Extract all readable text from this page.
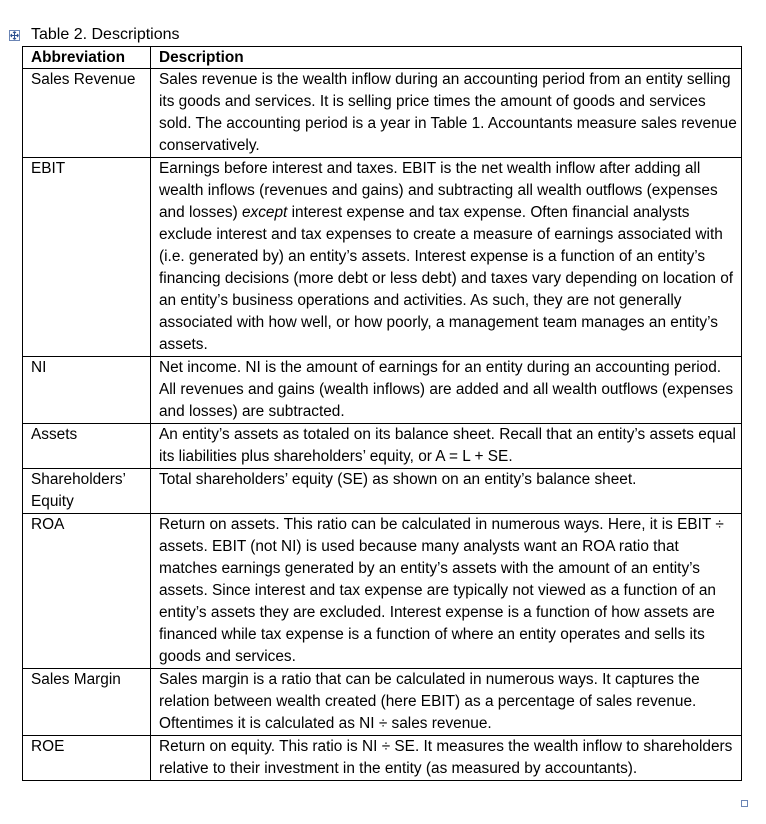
Table 2. Descriptions
Abbreviation	Description
Sales Revenue	Sales revenue is the wealth inflow during an accounting period from an entity selling its goods and services. It is selling price times the amount of goods and services sold. The accounting period is a year in Table 1. Accountants measure sales revenue conservatively.
EBIT	Earnings before interest and taxes. EBIT is the net wealth inflow after adding all wealth inflows (revenues and gains) and subtracting all wealth outflows (expenses and losses) except interest expense and tax expense. Often financial analysts exclude interest and tax expenses to create a measure of earnings associated with (i.e. generated by) an entity’s assets. Interest expense is a function of an entity’s financing decisions (more debt or less debt) and taxes vary depending on location of an entity’s business operations and activities. As such, they are not generally associated with how well, or how poorly, a management team manages an entity’s assets.
NI	Net income. NI is the amount of earnings for an entity during an accounting period. All revenues and gains (wealth inflows) are added and all wealth outflows (expenses and losses) are subtracted.
Assets	An entity’s assets as totaled on its balance sheet. Recall that an entity’s assets equal its liabilities plus shareholders’ equity, or A = L + SE.
Shareholders’ Equity	Total shareholders’ equity (SE) as shown on an entity’s balance sheet.
ROA	Return on assets. This ratio can be calculated in numerous ways. Here, it is EBIT ÷ assets. EBIT (not NI) is used because many analysts want an ROA ratio that matches earnings generated by an entity’s assets with the amount of an entity’s assets. Since interest and tax expense are typically not viewed as a function of an entity’s assets they are excluded. Interest expense is a function of how assets are financed while tax expense is a function of where an entity operates and sells its goods and services.
Sales Margin	Sales margin is a ratio that can be calculated in numerous ways. It captures the relation between wealth created (here EBIT) as a percentage of sales revenue. Oftentimes it is calculated as NI ÷ sales revenue.
ROE	Return on equity. This ratio is NI ÷ SE. It measures the wealth inflow to shareholders relative to their investment in the entity (as measured by accountants).
